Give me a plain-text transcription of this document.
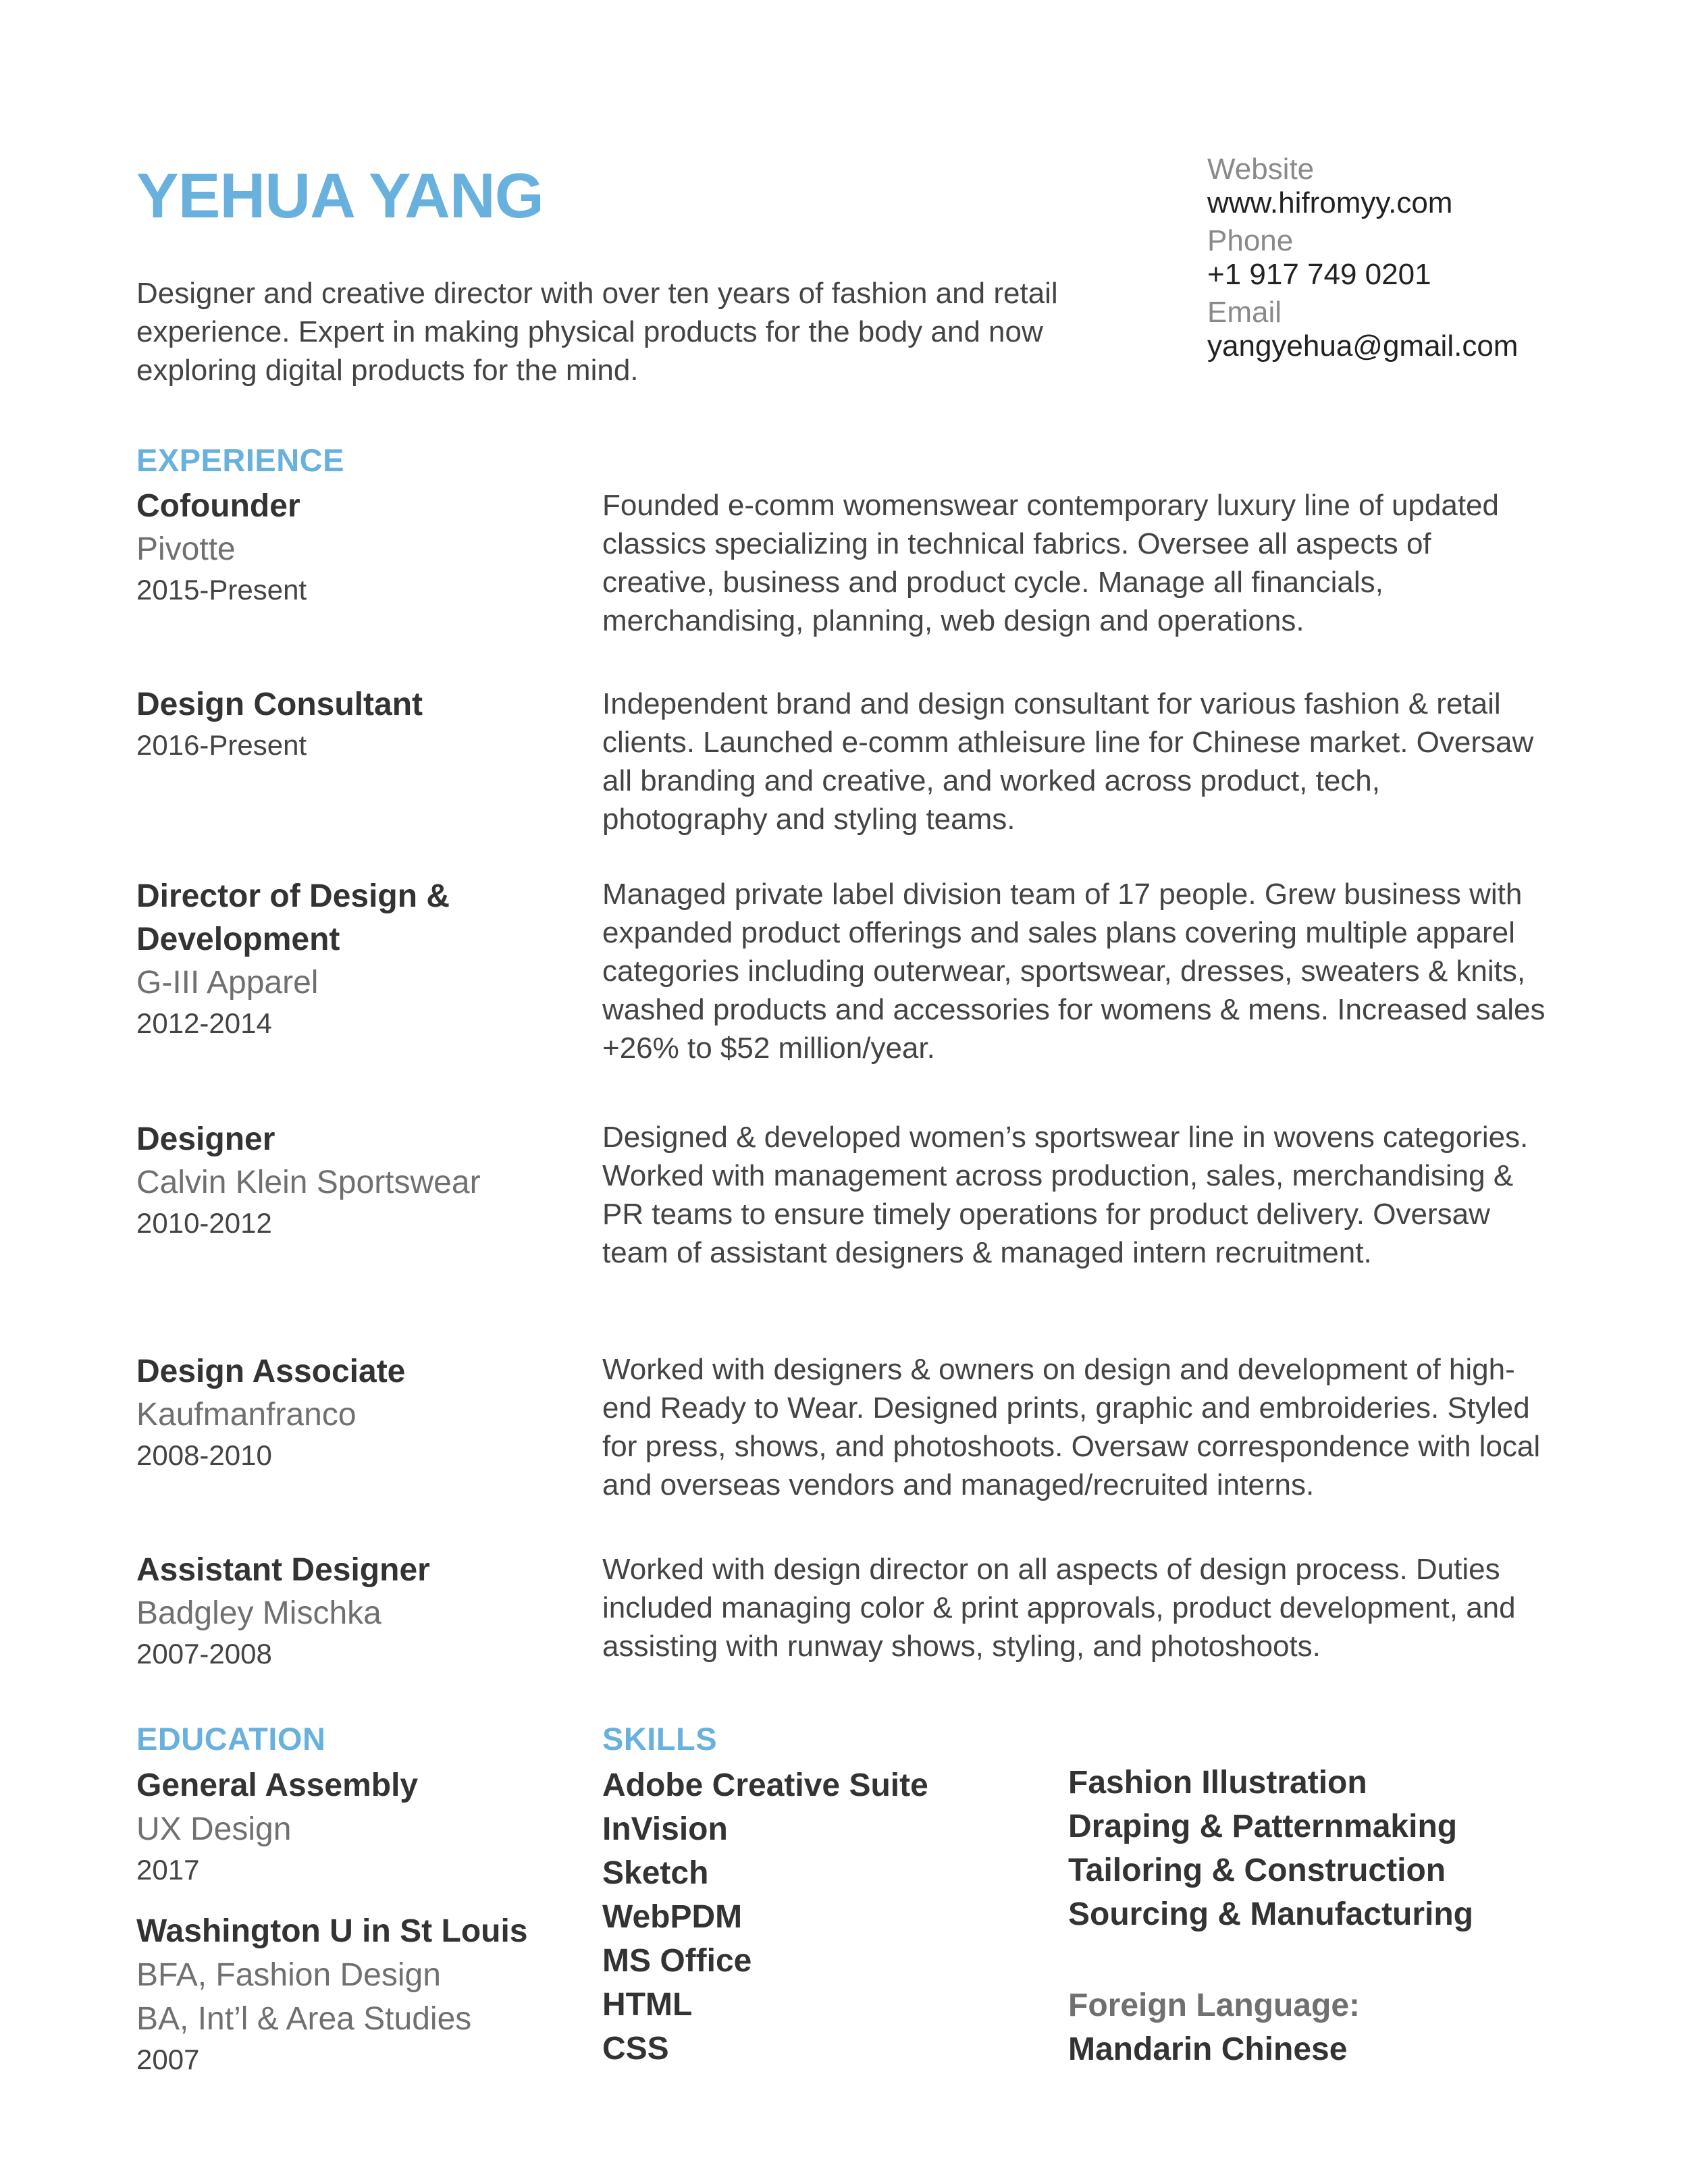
YEHUA YANG
Designer and creative director with over ten years of fashion and retail experience. Expert in making physical products for the body and now exploring digital products for the mind.
Website
www.hifromyy.com
Phone
+1 917 749 0201
Email
yangyehua@gmail.com
EXPERIENCE
Cofounder
Pivotte
2015-Present
Founded e-comm womenswear contemporary luxury line of updated classics specializing in technical fabrics. Oversee all aspects of creative, business and product cycle. Manage all financials, merchandising, planning, web design and operations.
Design Consultant
2016-Present
Independent brand and design consultant for various fashion & retail clients. Launched e-comm athleisure line for Chinese market. Oversaw all branding and creative, and worked across product, tech, photography and styling teams.
Director of Design & Development
G-III Apparel
2012-2014
Managed private label division team of 17 people. Grew business with expanded product offerings and sales plans covering multiple apparel categories including outerwear, sportswear, dresses, sweaters & knits, washed products and accessories for womens & mens. Increased sales +26% to $52 million/year.
Designer
Calvin Klein Sportswear
2010-2012
Designed & developed women’s sportswear line in wovens categories. Worked with management across production, sales, merchandising & PR teams to ensure timely operations for product delivery. Oversaw team of assistant designers & managed intern recruitment.
Design Associate
Kaufmanfranco
2008-2010
Worked with designers & owners on design and development of high-end Ready to Wear. Designed prints, graphic and embroideries. Styled for press, shows, and photoshoots. Oversaw correspondence with local and overseas vendors and managed/recruited interns.
Assistant Designer
Badgley Mischka
2007-2008
Worked with design director on all aspects of design process. Duties included managing color & print approvals, product development, and assisting with runway shows, styling, and photoshoots.
EDUCATION
General Assembly
UX Design
2017
Washington U in St Louis
BFA, Fashion Design
BA, Int’l & Area Studies
2007
SKILLS
Adobe Creative Suite
InVision
Sketch
WebPDM
MS Office
HTML
CSS
Fashion Illustration
Draping & Patternmaking
Tailoring & Construction
Sourcing & Manufacturing
Foreign Language:
Mandarin Chinese
